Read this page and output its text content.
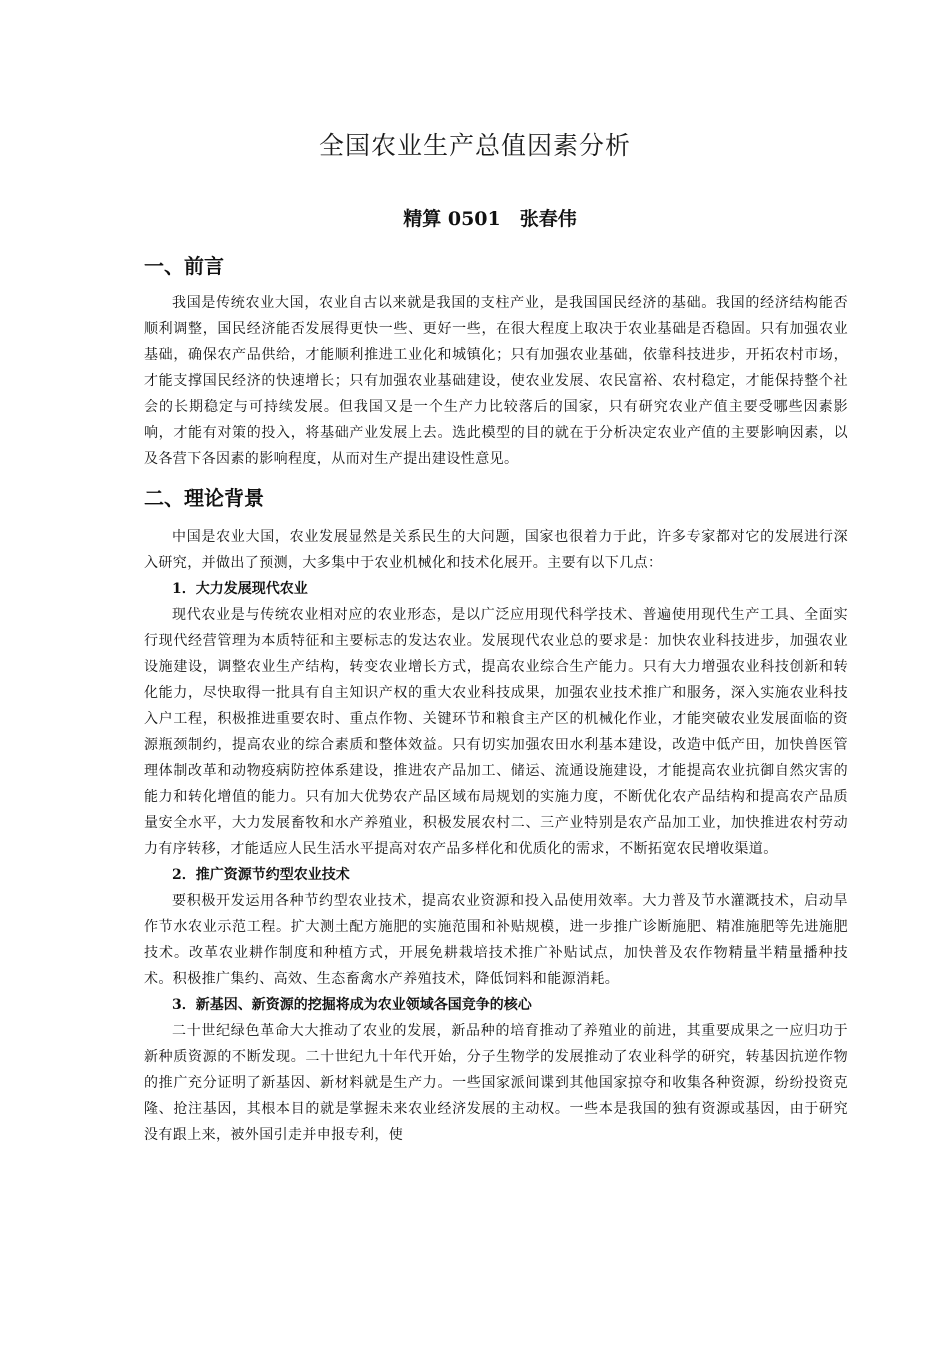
全国农业生产总值因素分析
精算 0501　张春伟
一、前言

我国是传统农业大国，农业自古以来就是我国的支柱产业，是我国国民经济的基础。我国的经济结构能否顺利调整，国民经济能否发展得更快一些、更好一些，在很大程度上取决于农业基础是否稳固。只有加强农业基础，确保农产品供给，才能顺利推进工业化和城镇化；只有加强农业基础，依靠科技进步，开拓农村市场，才能支撑国民经济的快速增长；只有加强农业基础建设，使农业发展、农民富裕、农村稳定，才能保持整个社会的长期稳定与可持续发展。但我国又是一个生产力比较落后的国家，只有研究农业产值主要受哪些因素影响，才能有对策的投入，将基础产业发展上去。选此模型的目的就在于分析决定农业产值的主要影响因素，以及各营下各因素的影响程度，从而对生产提出建设性意见。

二、理论背景

中国是农业大国，农业发展显然是关系民生的大问题，国家也很着力于此，许多专家都对它的发展进行深入研究，并做出了预测，大多集中于农业机械化和技术化展开。主要有以下几点：

1．大力发展现代农业

现代农业是与传统农业相对应的农业形态，是以广泛应用现代科学技术、普遍使用现代生产工具、全面实行现代经营管理为本质特征和主要标志的发达农业。发展现代农业总的要求是：加快农业科技进步，加强农业设施建设，调整农业生产结构，转变农业增长方式，提高农业综合生产能力。只有大力增强农业科技创新和转化能力，尽快取得一批具有自主知识产权的重大农业科技成果，加强农业技术推广和服务，深入实施农业科技入户工程，积极推进重要农时、重点作物、关键环节和粮食主产区的机械化作业，才能突破农业发展面临的资源瓶颈制约，提高农业的综合素质和整体效益。只有切实加强农田水利基本建设，改造中低产田，加快兽医管理体制改革和动物疫病防控体系建设，推进农产品加工、储运、流通设施建设，才能提高农业抗御自然灾害的能力和转化增值的能力。只有加大优势农产品区域布局规划的实施力度，不断优化农产品结构和提高农产品质量安全水平，大力发展畜牧和水产养殖业，积极发展农村二、三产业特别是农产品加工业，加快推进农村劳动力有序转移，才能适应人民生活水平提高对农产品多样化和优质化的需求，不断拓宽农民增收渠道。

2．推广资源节约型农业技术

要积极开发运用各种节约型农业技术，提高农业资源和投入品使用效率。大力普及节水灌溉技术，启动旱作节水农业示范工程。扩大测土配方施肥的实施范围和补贴规模，进一步推广诊断施肥、精准施肥等先进施肥技术。改革农业耕作制度和种植方式，开展免耕栽培技术推广补贴试点，加快普及农作物精量半精量播种技术。积极推广集约、高效、生态畜禽水产养殖技术，降低饲料和能源消耗。

3．新基因、新资源的挖掘将成为农业领域各国竞争的核心

二十世纪绿色革命大大推动了农业的发展，新品种的培育推动了养殖业的前进，其重要成果之一应归功于新种质资源的不断发现。二十世纪九十年代开始，分子生物学的发展推动了农业科学的研究，转基因抗逆作物的推广充分证明了新基因、新材料就是生产力。一些国家派间谍到其他国家掠夺和收集各种资源，纷纷投资克隆、抢注基因，其根本目的就是掌握未来农业经济发展的主动权。一些本是我国的独有资源或基因，由于研究没有跟上来，被外国引走并申报专利，使
